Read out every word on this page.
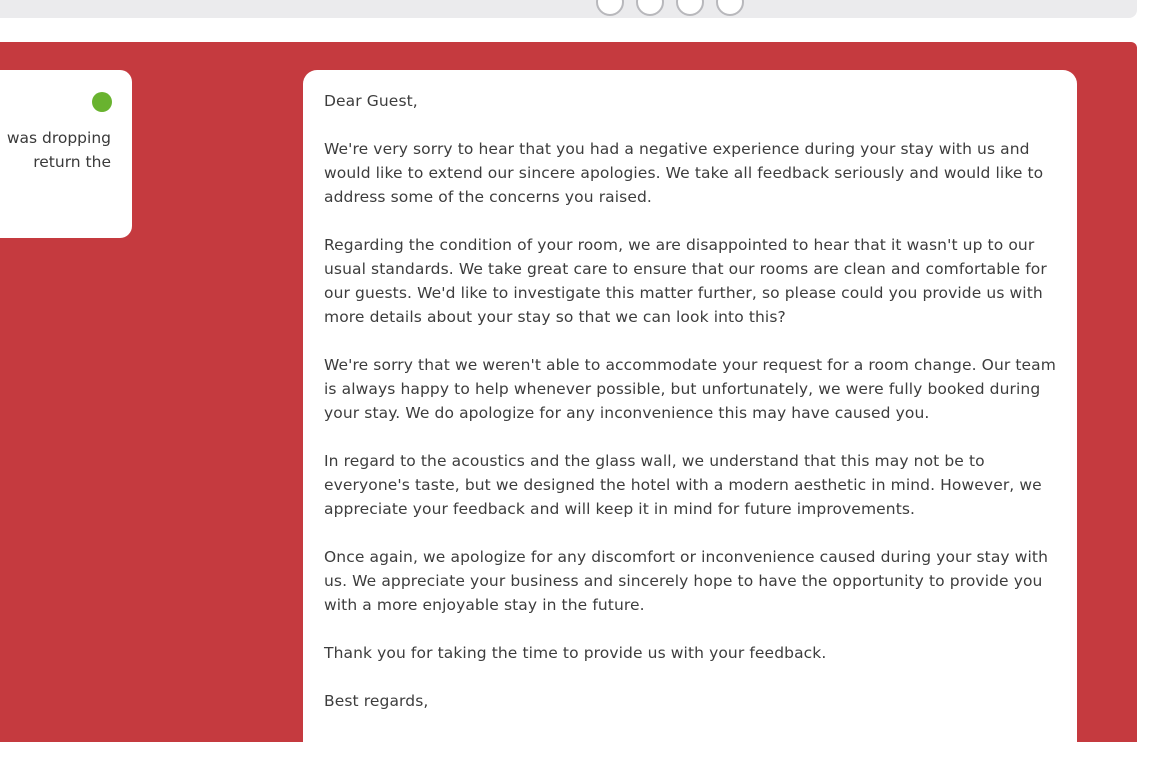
was dropping
return the

Dear Guest,

We're very sorry to hear that you had a negative experience during your stay with us and would like to extend our sincere apologies. We take all feedback seriously and would like to address some of the concerns you raised.

Regarding the condition of your room, we are disappointed to hear that it wasn't up to our usual standards. We take great care to ensure that our rooms are clean and comfortable for our guests. We'd like to investigate this matter further, so please could you provide us with more details about your stay so that we can look into this?

We're sorry that we weren't able to accommodate your request for a room change. Our team is always happy to help whenever possible, but unfortunately, we were fully booked during your stay. We do apologize for any inconvenience this may have caused you.

In regard to the acoustics and the glass wall, we understand that this may not be to everyone's taste, but we designed the hotel with a modern aesthetic in mind. However, we appreciate your feedback and will keep it in mind for future improvements.

Once again, we apologize for any discomfort or inconvenience caused during your stay with us. We appreciate your business and sincerely hope to have the opportunity to provide you with a more enjoyable stay in the future.

Thank you for taking the time to provide us with your feedback.

Best regards,
